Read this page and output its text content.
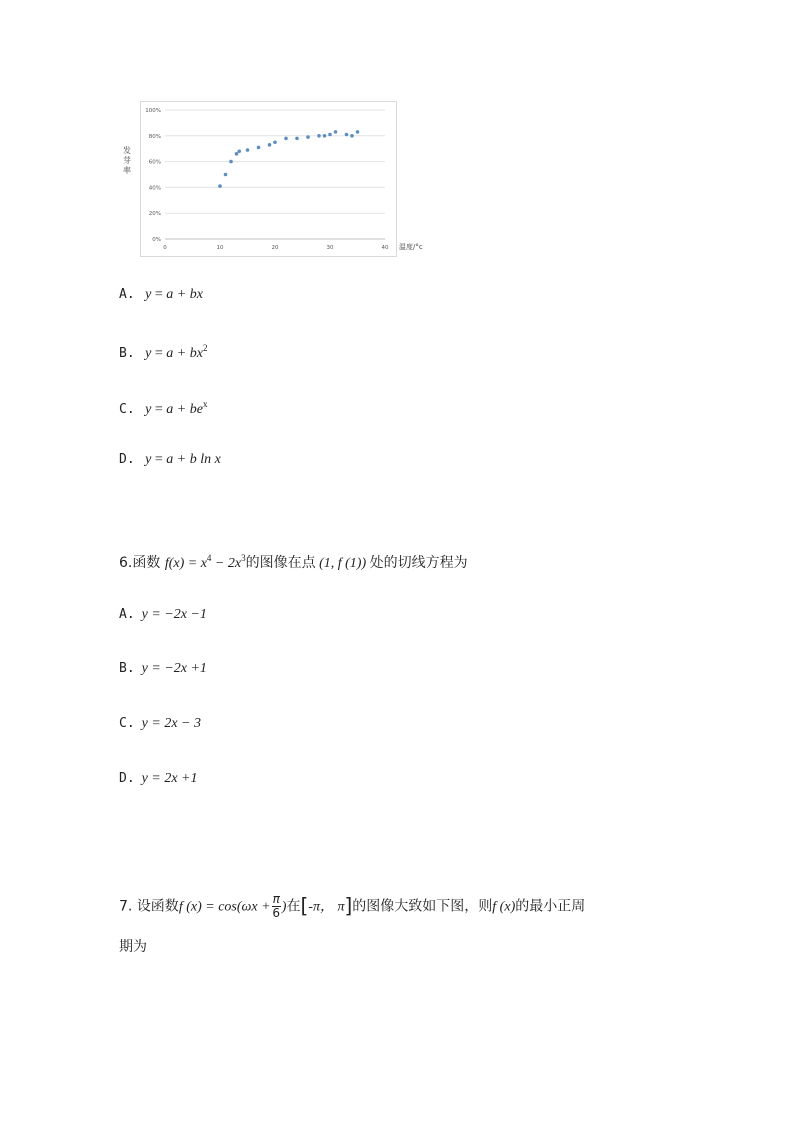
0%
20%
40%
60%
80%
100%
0	10	20	30	40
发芽率
温度/°c
A. y = a + bx
B. $y = a + bx^2$
C. $y = a + be^x$
D. y = a + b ln x
6.函数 $f(x) = x^4 - 2x^3$的图像在点 (1, f (1)) 处的切线方程为
A. y = −2x −1
B. y = −2x +1
C. y = 2x − 3
D. y = 2x +1
7. 设函数f $(x) = \cos(\omega x + \frac{\pi}{6}$ )在[-π， π]的图像大致如下图，则f (x)的最小正周
期为
